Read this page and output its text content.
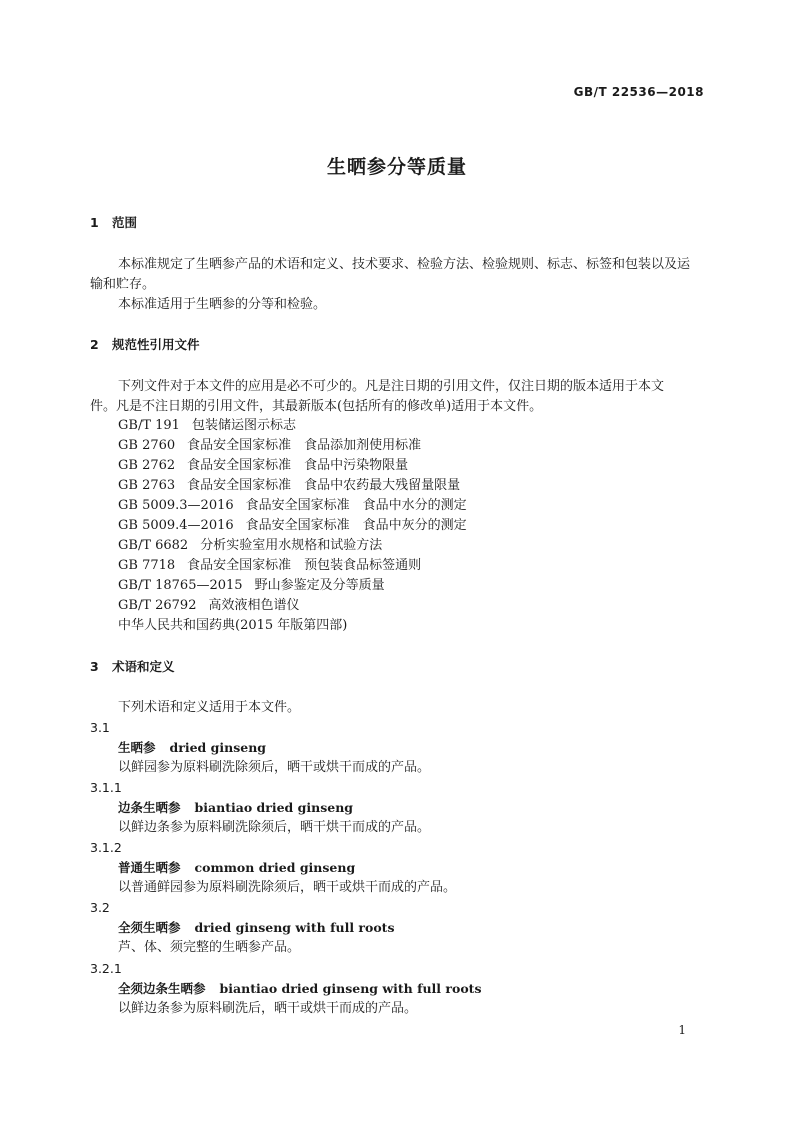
GB/T 22536—2018
生晒参分等质量
1 范围
本标准规定了生晒参产品的术语和定义、技术要求、检验方法、检验规则、标志、标签和包装以及运
输和贮存。
本标准适用于生晒参的分等和检验。
2 规范性引用文件
下列文件对于本文件的应用是必不可少的。凡是注日期的引用文件，仅注日期的版本适用于本文
件。凡是不注日期的引用文件，其最新版本(包括所有的修改单)适用于本文件。
GB/T 191 包装储运图示标志
GB 2760 食品安全国家标准　食品添加剂使用标准
GB 2762 食品安全国家标准　食品中污染物限量
GB 2763 食品安全国家标准　食品中农药最大残留量限量
GB 5009.3—2016 食品安全国家标准　食品中水分的测定
GB 5009.4—2016 食品安全国家标准　食品中灰分的测定
GB/T 6682 分析实验室用水规格和试验方法
GB 7718 食品安全国家标准　预包装食品标签通则
GB/T 18765—2015 野山参鉴定及分等质量
GB/T 26792 高效液相色谱仪
中华人民共和国药典(2015 年版第四部)
3 术语和定义
下列术语和定义适用于本文件。
3.1
生晒参 dried ginseng
以鲜园参为原料刷洗除须后，晒干或烘干而成的产品。
3.1.1
边条生晒参 biantiao dried ginseng
以鲜边条参为原料刷洗除须后，晒干烘干而成的产品。
3.1.2
普通生晒参 common dried ginseng
以普通鲜园参为原料刷洗除须后，晒干或烘干而成的产品。
3.2
全须生晒参 dried ginseng with full roots
芦、体、须完整的生晒参产品。
3.2.1
全须边条生晒参 biantiao dried ginseng with full roots
以鲜边条参为原料刷洗后，晒干或烘干而成的产品。
1
